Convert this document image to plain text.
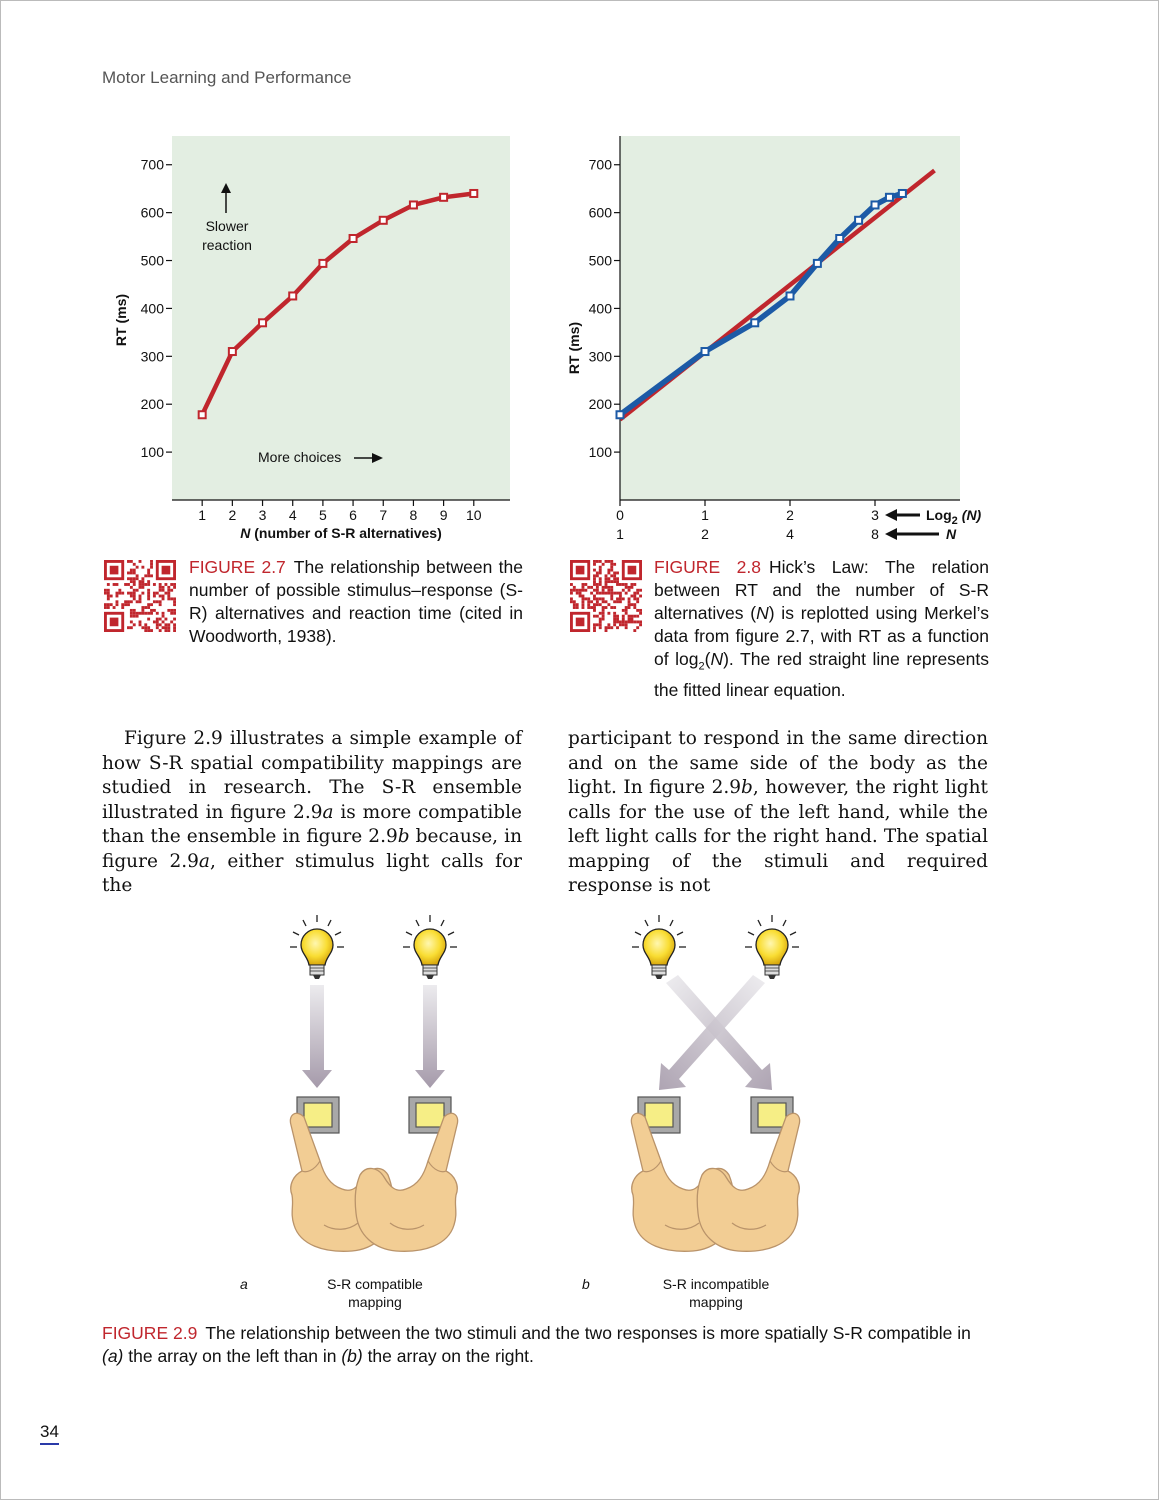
Motor Learning and Performance
100
200
300
400
500
600
700
1 2 3 4 5 6 7 8 9 10
RT (ms)
N (number of S-R alternatives)
Slower
reaction
More choices	100
200
300
400
500
600
700
0
1
1
2
2
4
3
8
RT (ms)
Log$_2$ (N)
N
FIGURE 2.7 The relationship between the number of possible stimulus–response (S-R) alternatives and reaction time (cited in Woodworth, 1938).
FIGURE 2.8 Hick’s Law: The relation between RT and the number of S-R alternatives (N) is replotted using Merkel’s data from figure 2.7, with RT as a function of $\log_2(N)$. The red straight line represents the fitted linear equation.
Figure 2.9 illustrates a simple example of how S-R spatial compatibility mappings are studied in research. The S-R ensemble illustrated in figure 2.9a is more compatible than the ensemble in figure 2.9b because, in figure 2.9a, either stimulus light calls for the
participant to respond in the same direction and on the same side of the body as the light. In figure 2.9b, however, the right light calls for the use of the left hand, while the left light calls for the right hand. The spatial mapping of the stimuli and required response is not
a	S-R compatible
mapping
b	S-R incompatible
mapping
FIGURE 2.9 The relationship between the two stimuli and the two responses is more spatially S-R compatible in (a) the array on the left than in (b) the array on the right.
34
